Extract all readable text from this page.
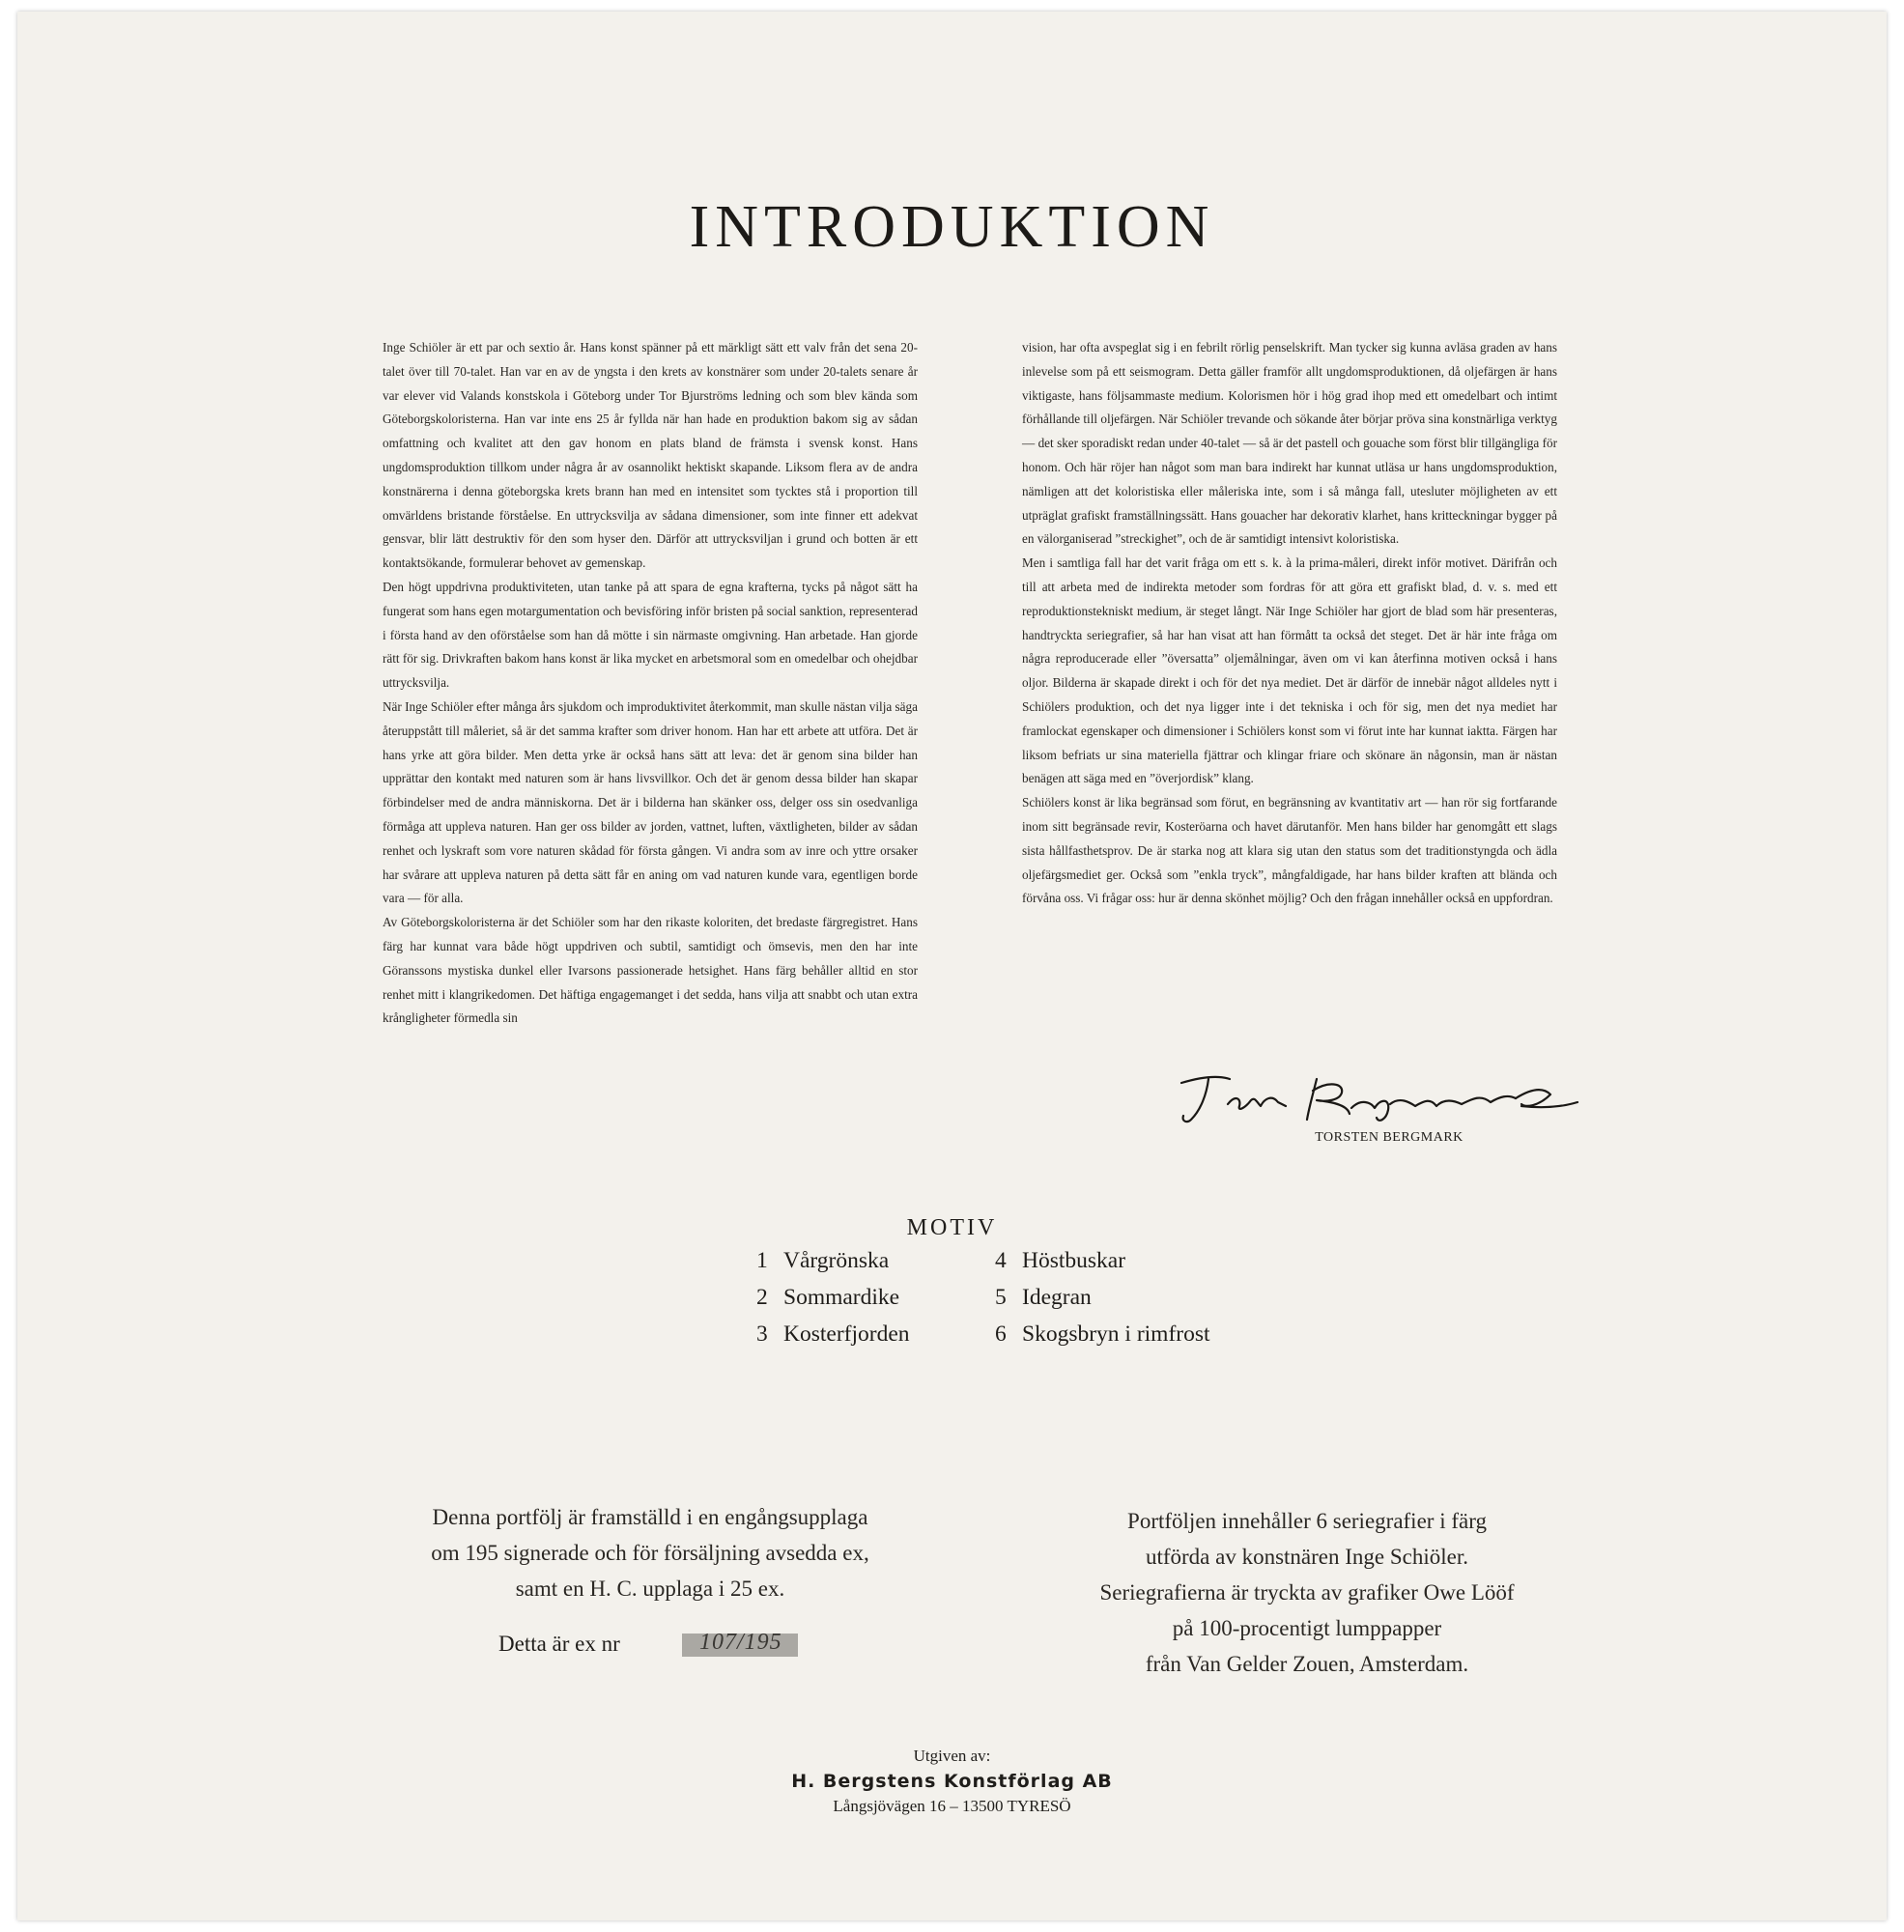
INTRODUKTION

Inge Schiöler är ett par och sextio år. Hans konst spänner på ett märkligt sätt ett valv från det sena 20-talet över till 70-talet. Han var en av de yngsta i den krets av konstnärer som under 20-talets senare år var elever vid Valands konstskola i Göteborg under Tor Bjurströms ledning och som blev kända som Göteborgskoloristerna. Han var inte ens 25 år fyllda när han hade en produktion bakom sig av sådan omfattning och kvalitet att den gav honom en plats bland de främsta i svensk konst. Hans ungdomsproduktion tillkom under några år av osannolikt hektiskt skapande. Liksom flera av de andra konstnärerna i denna göteborgska krets brann han med en intensitet som tycktes stå i proportion till omvärldens bristande förståelse. En uttrycksvilja av sådana dimensioner, som inte finner ett adekvat gensvar, blir lätt destruktiv för den som hyser den. Därför att uttrycksviljan i grund och botten är ett kontaktsökande, formulerar behovet av gemenskap.

Den högt uppdrivna produktiviteten, utan tanke på att spara de egna krafterna, tycks på något sätt ha fungerat som hans egen motargumentation och bevisföring inför bristen på social sanktion, representerad i första hand av den oförståelse som han då mötte i sin närmaste omgivning. Han arbetade. Han gjorde rätt för sig. Drivkraften bakom hans konst är lika mycket en arbetsmoral som en omedelbar och ohejdbar uttrycksvilja.

När Inge Schiöler efter många års sjukdom och improduktivitet återkommit, man skulle nästan vilja säga återuppstått till måleriet, så är det samma krafter som driver honom. Han har ett arbete att utföra. Det är hans yrke att göra bilder. Men detta yrke är också hans sätt att leva: det är genom sina bilder han upprättar den kontakt med naturen som är hans livsvillkor. Och det är genom dessa bilder han skapar förbindelser med de andra människorna. Det är i bilderna han skänker oss, delger oss sin osedvanliga förmåga att uppleva naturen. Han ger oss bilder av jorden, vattnet, luften, växtligheten, bilder av sådan renhet och lyskraft som vore naturen skådad för första gången. Vi andra som av inre och yttre orsaker har svårare att uppleva naturen på detta sätt får en aning om vad naturen kunde vara, egentligen borde vara — för alla.

Av Göteborgskoloristerna är det Schiöler som har den rikaste koloriten, det bredaste färgregistret. Hans färg har kunnat vara både högt uppdriven och subtil, samtidigt och ömsevis, men den har inte Göranssons mystiska dunkel eller Ivarsons passionerade hetsighet. Hans färg behåller alltid en stor renhet mitt i klangrikedomen. Det häftiga engagemanget i det sedda, hans vilja att snabbt och utan extra krångligheter förmedla sin

vision, har ofta avspeglat sig i en febrilt rörlig penselskrift. Man tycker sig kunna avläsa graden av hans inlevelse som på ett seismogram. Detta gäller framför allt ungdomsproduktionen, då oljefärgen är hans viktigaste, hans följsammaste medium. Kolorismen hör i hög grad ihop med ett omedelbart och intimt förhållande till oljefärgen. När Schiöler trevande och sökande åter börjar pröva sina konstnärliga verktyg — det sker sporadiskt redan under 40-talet — så är det pastell och gouache som först blir tillgängliga för honom. Och här röjer han något som man bara indirekt har kunnat utläsa ur hans ungdomsproduktion, nämligen att det koloristiska eller måleriska inte, som i så många fall, utesluter möjligheten av ett utpräglat grafiskt framställningssätt. Hans gouacher har dekorativ klarhet, hans kritteckningar bygger på en välorganiserad ”streckighet”, och de är samtidigt intensivt koloristiska.

Men i samtliga fall har det varit fråga om ett s. k. à la prima-måleri, direkt inför motivet. Därifrån och till att arbeta med de indirekta metoder som fordras för att göra ett grafiskt blad, d. v. s. med ett reproduktionstekniskt medium, är steget långt. När Inge Schiöler har gjort de blad som här presenteras, handtryckta seriegrafier, så har han visat att han förmått ta också det steget. Det är här inte fråga om några reproducerade eller ”översatta” oljemålningar, även om vi kan återfinna motiven också i hans oljor. Bilderna är skapade direkt i och för det nya mediet. Det är därför de innebär något alldeles nytt i Schiölers produktion, och det nya ligger inte i det tekniska i och för sig, men det nya mediet har framlockat egenskaper och dimensioner i Schiölers konst som vi förut inte har kunnat iaktta. Färgen har liksom befriats ur sina materiella fjättrar och klingar friare och skönare än någonsin, man är nästan benägen att säga med en ”överjordisk” klang.

Schiölers konst är lika begränsad som förut, en begränsning av kvantitativ art — han rör sig fortfarande inom sitt begränsade revir, Kosteröarna och havet därutanför. Men hans bilder har genomgått ett slags sista hållfasthetsprov. De är starka nog att klara sig utan den status som det traditionstyngda och ädla oljefärgsmediet ger. Också som ”enkla tryck”, mångfaldigade, har hans bilder kraften att blända och förvåna oss. Vi frågar oss: hur är denna skönhet möjlig? Och den frågan innehåller också en uppfordran.

TORSTEN BERGMARK
MOTIV
1 Vårgrönska
2 Sommardike
3 Kosterfjorden
4 Höstbuskar
5 Idegran
6 Skogsbryn i rimfrost

Denna portfölj är framställd i en engångsupplaga

om 195 signerade och för försäljning avsedda ex,

samt en H. C. upplaga i 25 ex.

Detta är ex nr	107/195

Portföljen innehåller 6 seriegrafier i färg

utförda av konstnären Inge Schiöler.

Seriegrafierna är tryckta av grafiker Owe Lööf

på 100-procentigt lumppapper

från Van Gelder Zouen, Amsterdam.

Utgiven av:
H. Bergstens Konstförlag AB
Långsjövägen 16 – 13500 TYRESÖ
